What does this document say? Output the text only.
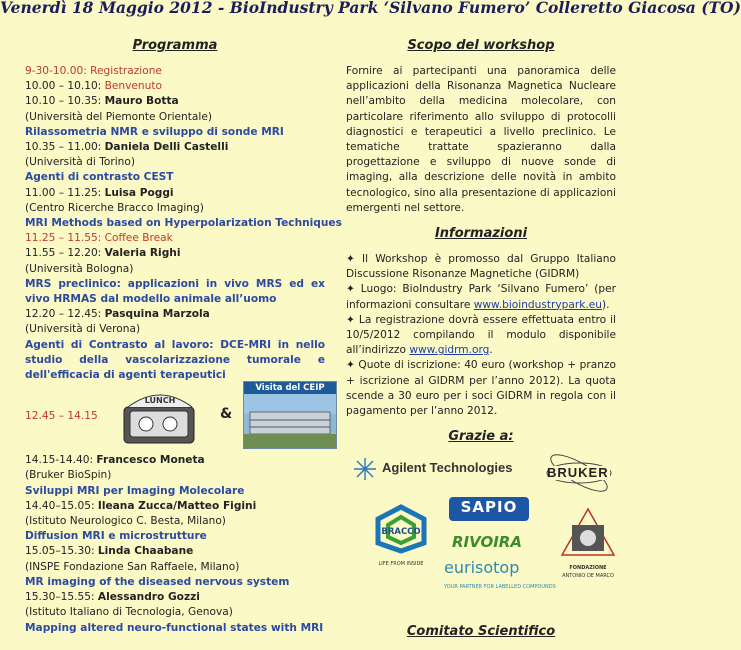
Venerdì 18 Maggio 2012 - BioIndustry Park ‘Silvano Fumero’ Colleretto Giacosa (TO)
Programma
9-30-10.00: Registrazione
10.00 – 10.10: Benvenuto
10.10 – 10.35: Mauro Botta
(Università del Piemonte Orientale)
Rilassometria NMR e sviluppo di sonde MRI
10.35 – 11.00: Daniela Delli Castelli
(Università di Torino)
Agenti di contrasto CEST
11.00 – 11.25: Luisa Poggi
(Centro Ricerche Bracco Imaging)
MRI Methods based on Hyperpolarization Techniques
11.25 – 11.55: Coffee Break
11.55 – 12.20: Valeria Righi
(Università Bologna)
MRS preclinico: applicazioni in vivo MRS ed ex vivo HRMAS dal modello animale all’uomo
12.20 – 12.45: Pasquina Marzola
(Università di Verona)
Agenti di Contrasto al lavoro: DCE-MRI in nello studio della vascolarizzazione tumorale e dell'efficacia di agenti terapeutici
12.45 – 14.15
LUNCH
&
Visita del CEIP
14.15-14.40: Francesco Moneta
(Bruker BioSpin)
Sviluppi MRI per Imaging Molecolare
14.40–15.05: Ileana Zucca/Matteo Figini
(Istituto Neurologico C. Besta, Milano)
Diffusion MRI e microstrutture
15.05–15.30: Linda Chaabane
(INSPE Fondazione San Raffaele, Milano)
MR imaging of the diseased nervous system
15.30–15.55: Alessandro Gozzi
(Istituto Italiano di Tecnologia, Genova)
Mapping altered neuro-functional states with MRI
Scopo del workshop
Fornire ai partecipanti una panoramica delle applicazioni della Risonanza Magnetica Nucleare nell’ambito della medicina molecolare, con particolare riferimento allo sviluppo di protocolli diagnostici e terapeutici a livello preclinico. Le tematiche trattate spazieranno dalla progettazione e sviluppo di nuove sonde di imaging, alla descrizione delle novità in ambito tecnologico, sino alla presentazione di applicazioni emergenti nel settore.
Informazioni
✦ Il Workshop è promosso dal Gruppo Italiano Discussione Risonanze Magnetiche (GIDRM)
✦ Luogo: BioIndustry Park ‘Silvano Fumero’ (per informazioni consultare www.bioindustrypark.eu).
✦ La registrazione dovrà essere effettuata entro il 10/5/2012 compilando il modulo disponibile all’indirizzo www.gidrm.org.
✦ Quote di iscrizione: 40 euro (workshop + pranzo + iscrizione al GIDRM per l’anno 2012). La quota scende a 30 euro per i soci GIDRM in regola con il pagamento per l’anno 2012.
Grazie a:
Agilent Technologies	BRUKER
BRACCO
LIFE FROM INSIDE
SAPIO
RIVOIRA
eurisotop
YOUR PARTNER FOR LABELLED COMPOUNDS
FONDAZIONE
ANTONIO DE MARCO
Comitato Scientifico
